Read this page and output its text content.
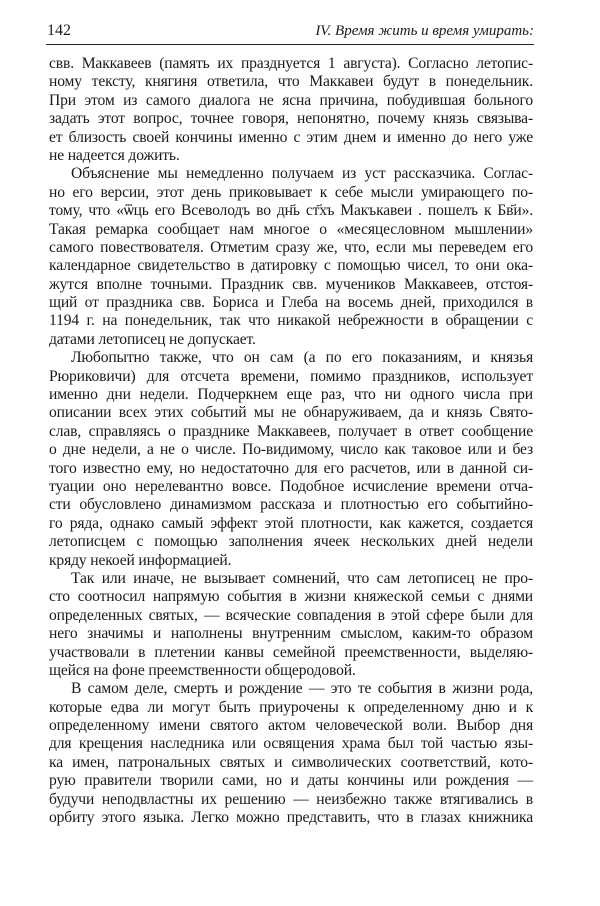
142	IV. Время жить и время умирать:
свв. Маккавеев (память их празднуется 1 августа). Согласно летопис-
ному тексту, княгиня ответила, что Маккавеи будут в понедельник.
При этом из самого диалога не ясна причина, побудившая больного
задать этот вопрос, точнее говоря, непонятно, почему князь связыва-
ет близость своей кончины именно с этим днем и именно до него уже
не надеется дожить.
Объяснение мы немедленно получаем из уст рассказчика. Соглас-
но его версии, этот день приковывает к себе мысли умирающего по-
тому, что «ѿць его Всеволодъ во дн҃ь ст҃хъ Макъкавеи . пошелъ к Бв҃и».
Такая ремарка сообщает нам многое о «месяцесловном мышлении»
самого повествователя. Отметим сразу же, что, если мы переведем его
календарное свидетельство в датировку с помощью чисел, то они ока-
жутся вполне точными. Праздник свв. мучеников Маккавеев, отстоя-
щий от праздника свв. Бориса и Глеба на восемь дней, приходился в
1194 г. на понедельник, так что никакой небрежности в обращении с
датами летописец не допускает.
Любопытно также, что он сам (а по его показаниям, и князья
Рюриковичи) для отсчета времени, помимо праздников, использует
именно дни недели. Подчеркнем еще раз, что ни одного числа при
описании всех этих событий мы не обнаруживаем, да и князь Свято-
слав, справляясь о празднике Маккавеев, получает в ответ сообщение
о дне недели, а не о числе. По-видимому, число как таковое или и без
того известно ему, но недостаточно для его расчетов, или в данной си-
туации оно нерелевантно вовсе. Подобное исчисление времени отча-
сти обусловлено динамизмом рассказа и плотностью его событийно-
го ряда, однако самый эффект этой плотности, как кажется, создается
летописцем с помощью заполнения ячеек нескольких дней недели
кряду некоей информацией.
Так или иначе, не вызывает сомнений, что сам летописец не про-
сто соотносил напрямую события в жизни княжеской семьи с днями
определенных святых, — всяческие совпадения в этой сфере были для
него значимы и наполнены внутренним смыслом, каким-то образом
участвовали в плетении канвы семейной преемственности, выделяю-
щейся на фоне преемственности общеродовой.
В самом деле, смерть и рождение — это те события в жизни рода,
которые едва ли могут быть приурочены к определенному дню и к
определенному имени святого актом человеческой воли. Выбор дня
для крещения наследника или освящения храма был той частью язы-
ка имен, патрональных святых и символических соответствий, кото-
рую правители творили сами, но и даты кончины или рождения —
будучи неподвластны их решению — неизбежно также втягивались в
орбиту этого языка. Легко можно представить, что в глазах книжника
